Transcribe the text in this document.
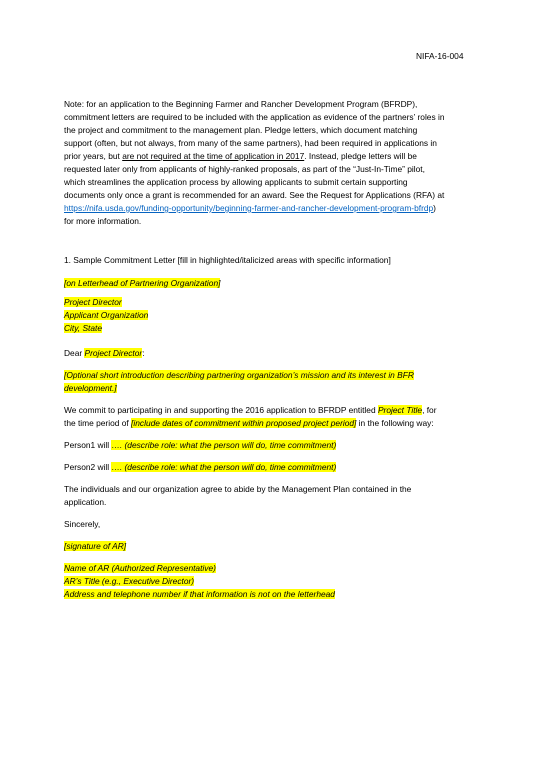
NIFA-16-004
Note: for an application to the Beginning Farmer and Rancher Development Program (BFRDP),
commitment letters are required to be included with the application as evidence of the partners’ roles in
the project and commitment to the management plan. Pledge letters, which document matching
support (often, but not always, from many of the same partners), had been required in applications in
prior years, but are not required at the time of application in 2017. Instead, pledge letters will be
requested later only from applicants of highly-ranked proposals, as part of the “Just-In-Time” pilot,
which streamlines the application process by allowing applicants to submit certain supporting
documents only once a grant is recommended for an award. See the Request for Applications (RFA) at
https://nifa.usda.gov/funding-opportunity/beginning-farmer-and-rancher-development-program-bfrdp)
for more information.
1. Sample Commitment Letter [fill in highlighted/italicized areas with specific information]
[on Letterhead of Partnering Organization]
Project Director
Applicant Organization
City, State
Dear Project Director:
[Optional short introduction describing partnering organization’s mission and its interest in BFR
development.]
We commit to participating in and supporting the 2016 application to BFRDP entitled Project Title, for
the time period of [include dates of commitment within proposed project period] in the following way:
Person1 will …. (describe role: what the person will do, time commitment)
Person2 will …. (describe role: what the person will do, time commitment)
The individuals and our organization agree to abide by the Management Plan contained in the
application.
Sincerely,
[signature of AR]
Name of AR (Authorized Representative)
AR’s Title (e.g., Executive Director)
Address and telephone number if that information is not on the letterhead
